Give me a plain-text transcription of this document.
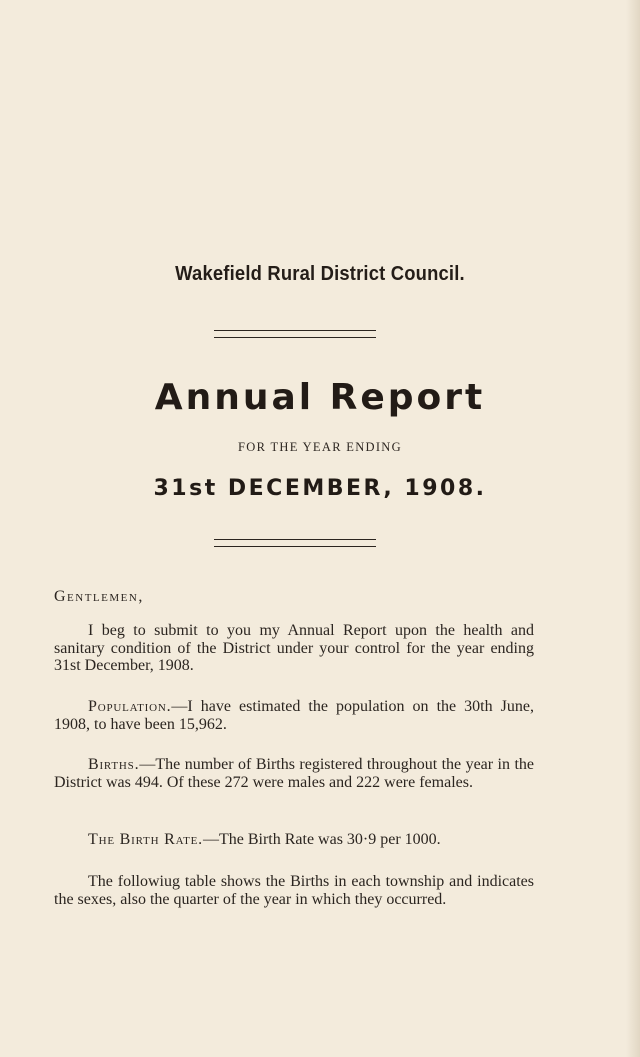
Wakefield Rural District Council.
Annual Report
FOR THE YEAR ENDING
31st DECEMBER, 1908.
Gentlemen,
I beg to submit to you my Annual Report upon the health and sanitary condition of the District under your control for the year ending 31st December, 1908.
Population.—I have estimated the population on the 30th June, 1908, to have been 15,962.
Births.—The number of Births registered throughout the year in the District was 494. Of these 272 were males and 222 were females.
The Birth Rate.—The Birth Rate was 30·9 per 1000.
The followiug table shows the Births in each township and indicates the sexes, also the quarter of the year in which they occurred.
